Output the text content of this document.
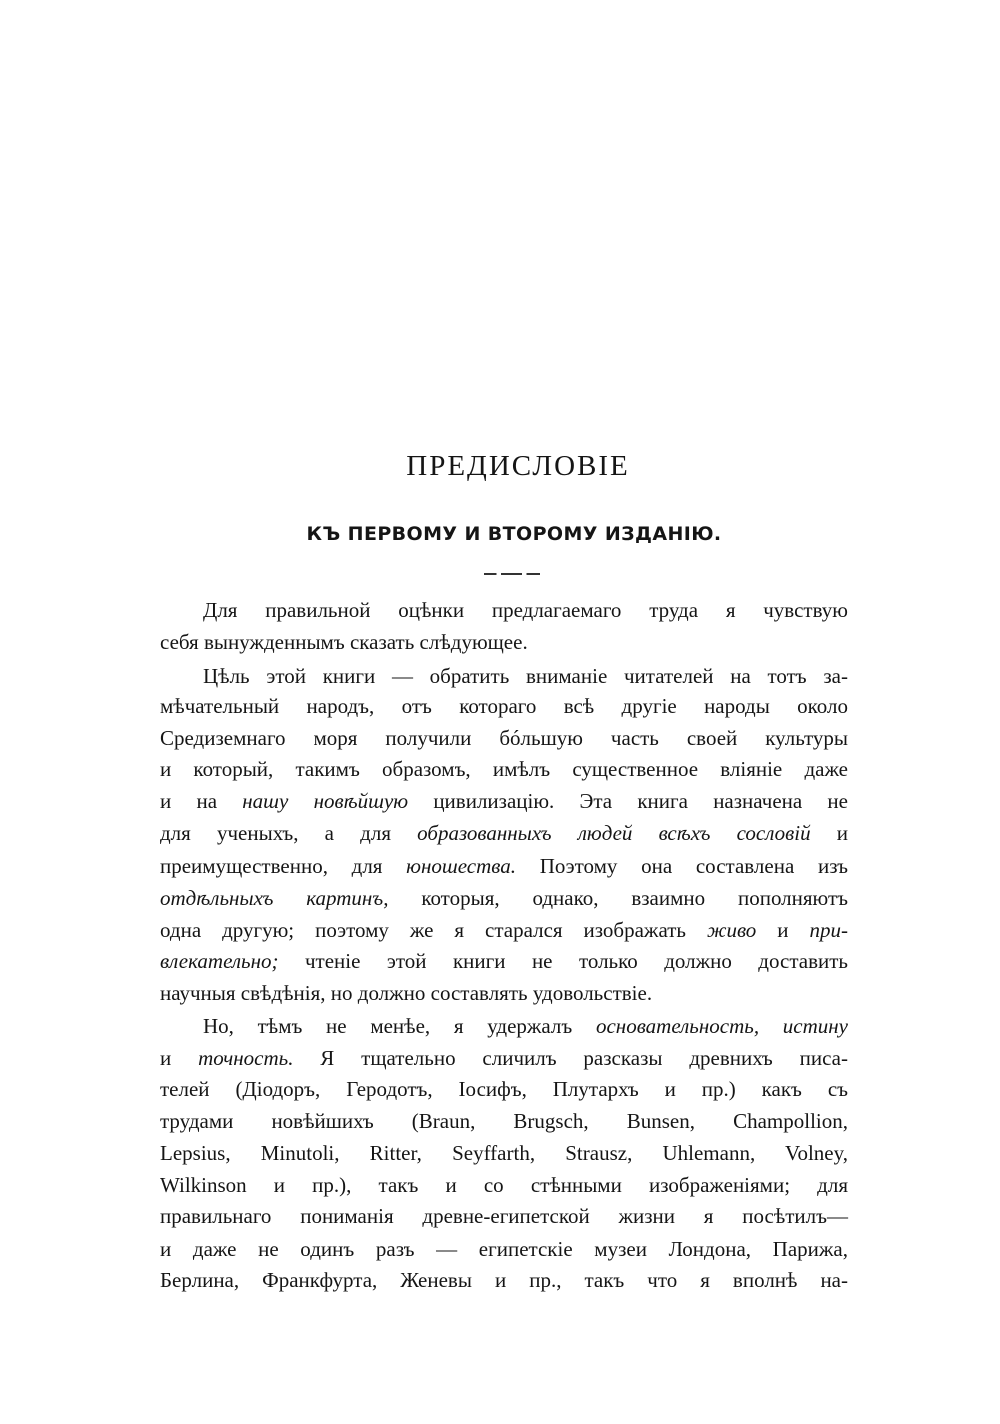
ПРЕДИСЛОВІЕ
КЪ ПЕРВОМУ И ВТОРОМУ ИЗДАНІЮ.
Для правильной оцѣнки предлагаемаго труда я чувствую
себя вынужденнымъ сказать слѣдующее.
Цѣль этой книги — обратить вниманіе читателей на тотъ за-
мѣчательный народъ, отъ котораго всѣ другіе народы около
Средиземнаго моря получили бóльшую часть своей культуры
и который, такимъ образомъ, имѣлъ существенное вліяніе даже
и на нашу новѣйшую цивилизацію. Эта книга назначена не
для ученыхъ, а для образованныхъ людей всѣхъ сословій и
преимущественно, для юношества. Поэтому она составлена изъ
отдѣльныхъ картинъ, которыя, однако, взаимно пополняютъ
одна другую; поэтому же я старался изображать живо и при-
влекательно; чтеніе этой книги не только должно доставить
научныя свѣдѣнія, но должно составлять удовольствіе.
Но, тѣмъ не менѣе, я удержалъ основательность, истину
и точность. Я тщательно сличилъ разсказы древнихъ писа-
телей (Діодоръ, Геродотъ, Іосифъ, Плутархъ и пр.) какъ съ
трудами новѣйшихъ (Braun, Brugsch, Bunsen, Champollion,
Lepsius, Minutoli, Ritter, Seyffarth, Strausz, Uhlemann, Volney,
Wilkinson и пр.), такъ и со стѣнными изображеніями; для
правильнаго пониманія древне-египетской жизни я посѣтилъ—
и даже не одинъ разъ — египетскіе музеи Лондона, Парижа,
Берлина, Франкфурта, Женевы и пр., такъ что я вполнѣ на-
